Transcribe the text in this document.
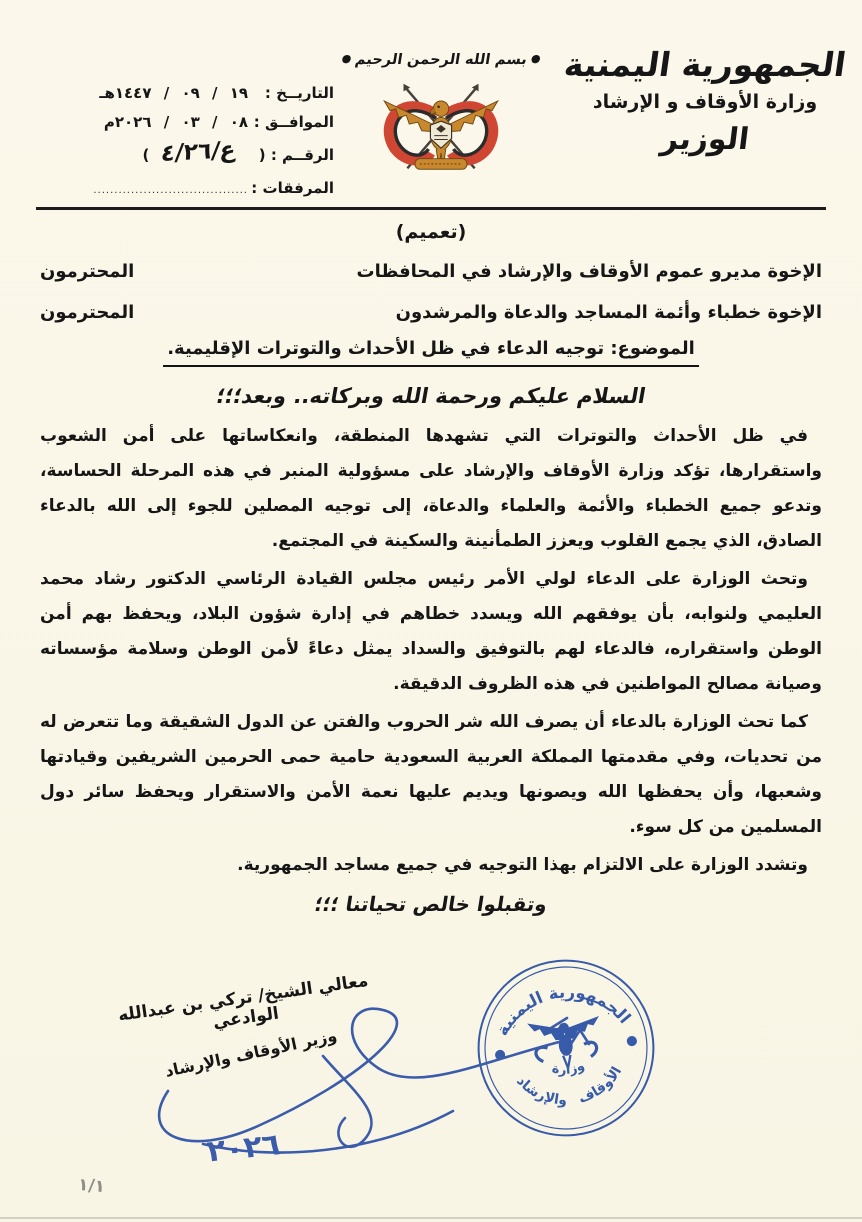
الجمهورية اليمنية
وزارة الأوقاف و الإرشاد
الوزير
●بسم الله الرحمن الرحيم●
التاريــخ :
١٩ / ٠٩ / ١٤٤٧هـ
الموافــق :
٠٨ / ٠٣ / ٢٠٢٦م
الرقــم : (
ع/٤/٢٦
)
المرفقات :
.....................................
(تعميم)
الإخوة مديرو عموم الأوقاف والإرشاد في المحافظات
المحترمون
الإخوة خطباء وأئمة المساجد والدعاة والمرشدون
المحترمون
الموضوع: توجيه الدعاء في ظل الأحداث والتوترات الإقليمية.
السلام عليكم ورحمة الله وبركاته.. وبعد؛؛؛

في ظل الأحداث والتوترات التي تشهدها المنطقة، وانعكاساتها على أمن الشعوب واستقرارها، تؤكد وزارة الأوقاف والإرشاد على مسؤولية المنبر في هذه المرحلة الحساسة، وتدعو جميع الخطباء والأئمة والعلماء والدعاة، إلى توجيه المصلين للجوء إلى الله بالدعاء الصادق، الذي يجمع القلوب ويعزز الطمأنينة والسكينة في المجتمع.

وتحث الوزارة على الدعاء لولي الأمر رئيس مجلس القيادة الرئاسي الدكتور رشاد محمد العليمي ولنوابه، بأن يوفقهم الله ويسدد خطاهم في إدارة شؤون البلاد، ويحفظ بهم أمن الوطن واستقراره، فالدعاء لهم بالتوفيق والسداد يمثل دعاءً لأمن الوطن وسلامة مؤسساته وصيانة مصالح المواطنين في هذه الظروف الدقيقة.

كما تحث الوزارة بالدعاء أن يصرف الله شر الحروب والفتن عن الدول الشقيقة وما تتعرض له من تحديات، وفي مقدمتها المملكة العربية السعودية حامية حمى الحرمين الشريفين وقيادتها وشعبها، وأن يحفظها الله ويصونها ويديم عليها نعمة الأمن والاستقرار ويحفظ سائر دول المسلمين من كل سوء.

وتشدد الوزارة على الالتزام بهذا التوجيه في جميع مساجد الجمهورية.

وتقبلوا خالص تحياتنا ؛؛؛
معالي الشيخ/ تركي بن عبدالله الوادعي
وزير الأوقاف والإرشاد	الجمهورية اليمنية
وزارة
الأوقاف والإرشاد
٢٠٢٦
١/١
